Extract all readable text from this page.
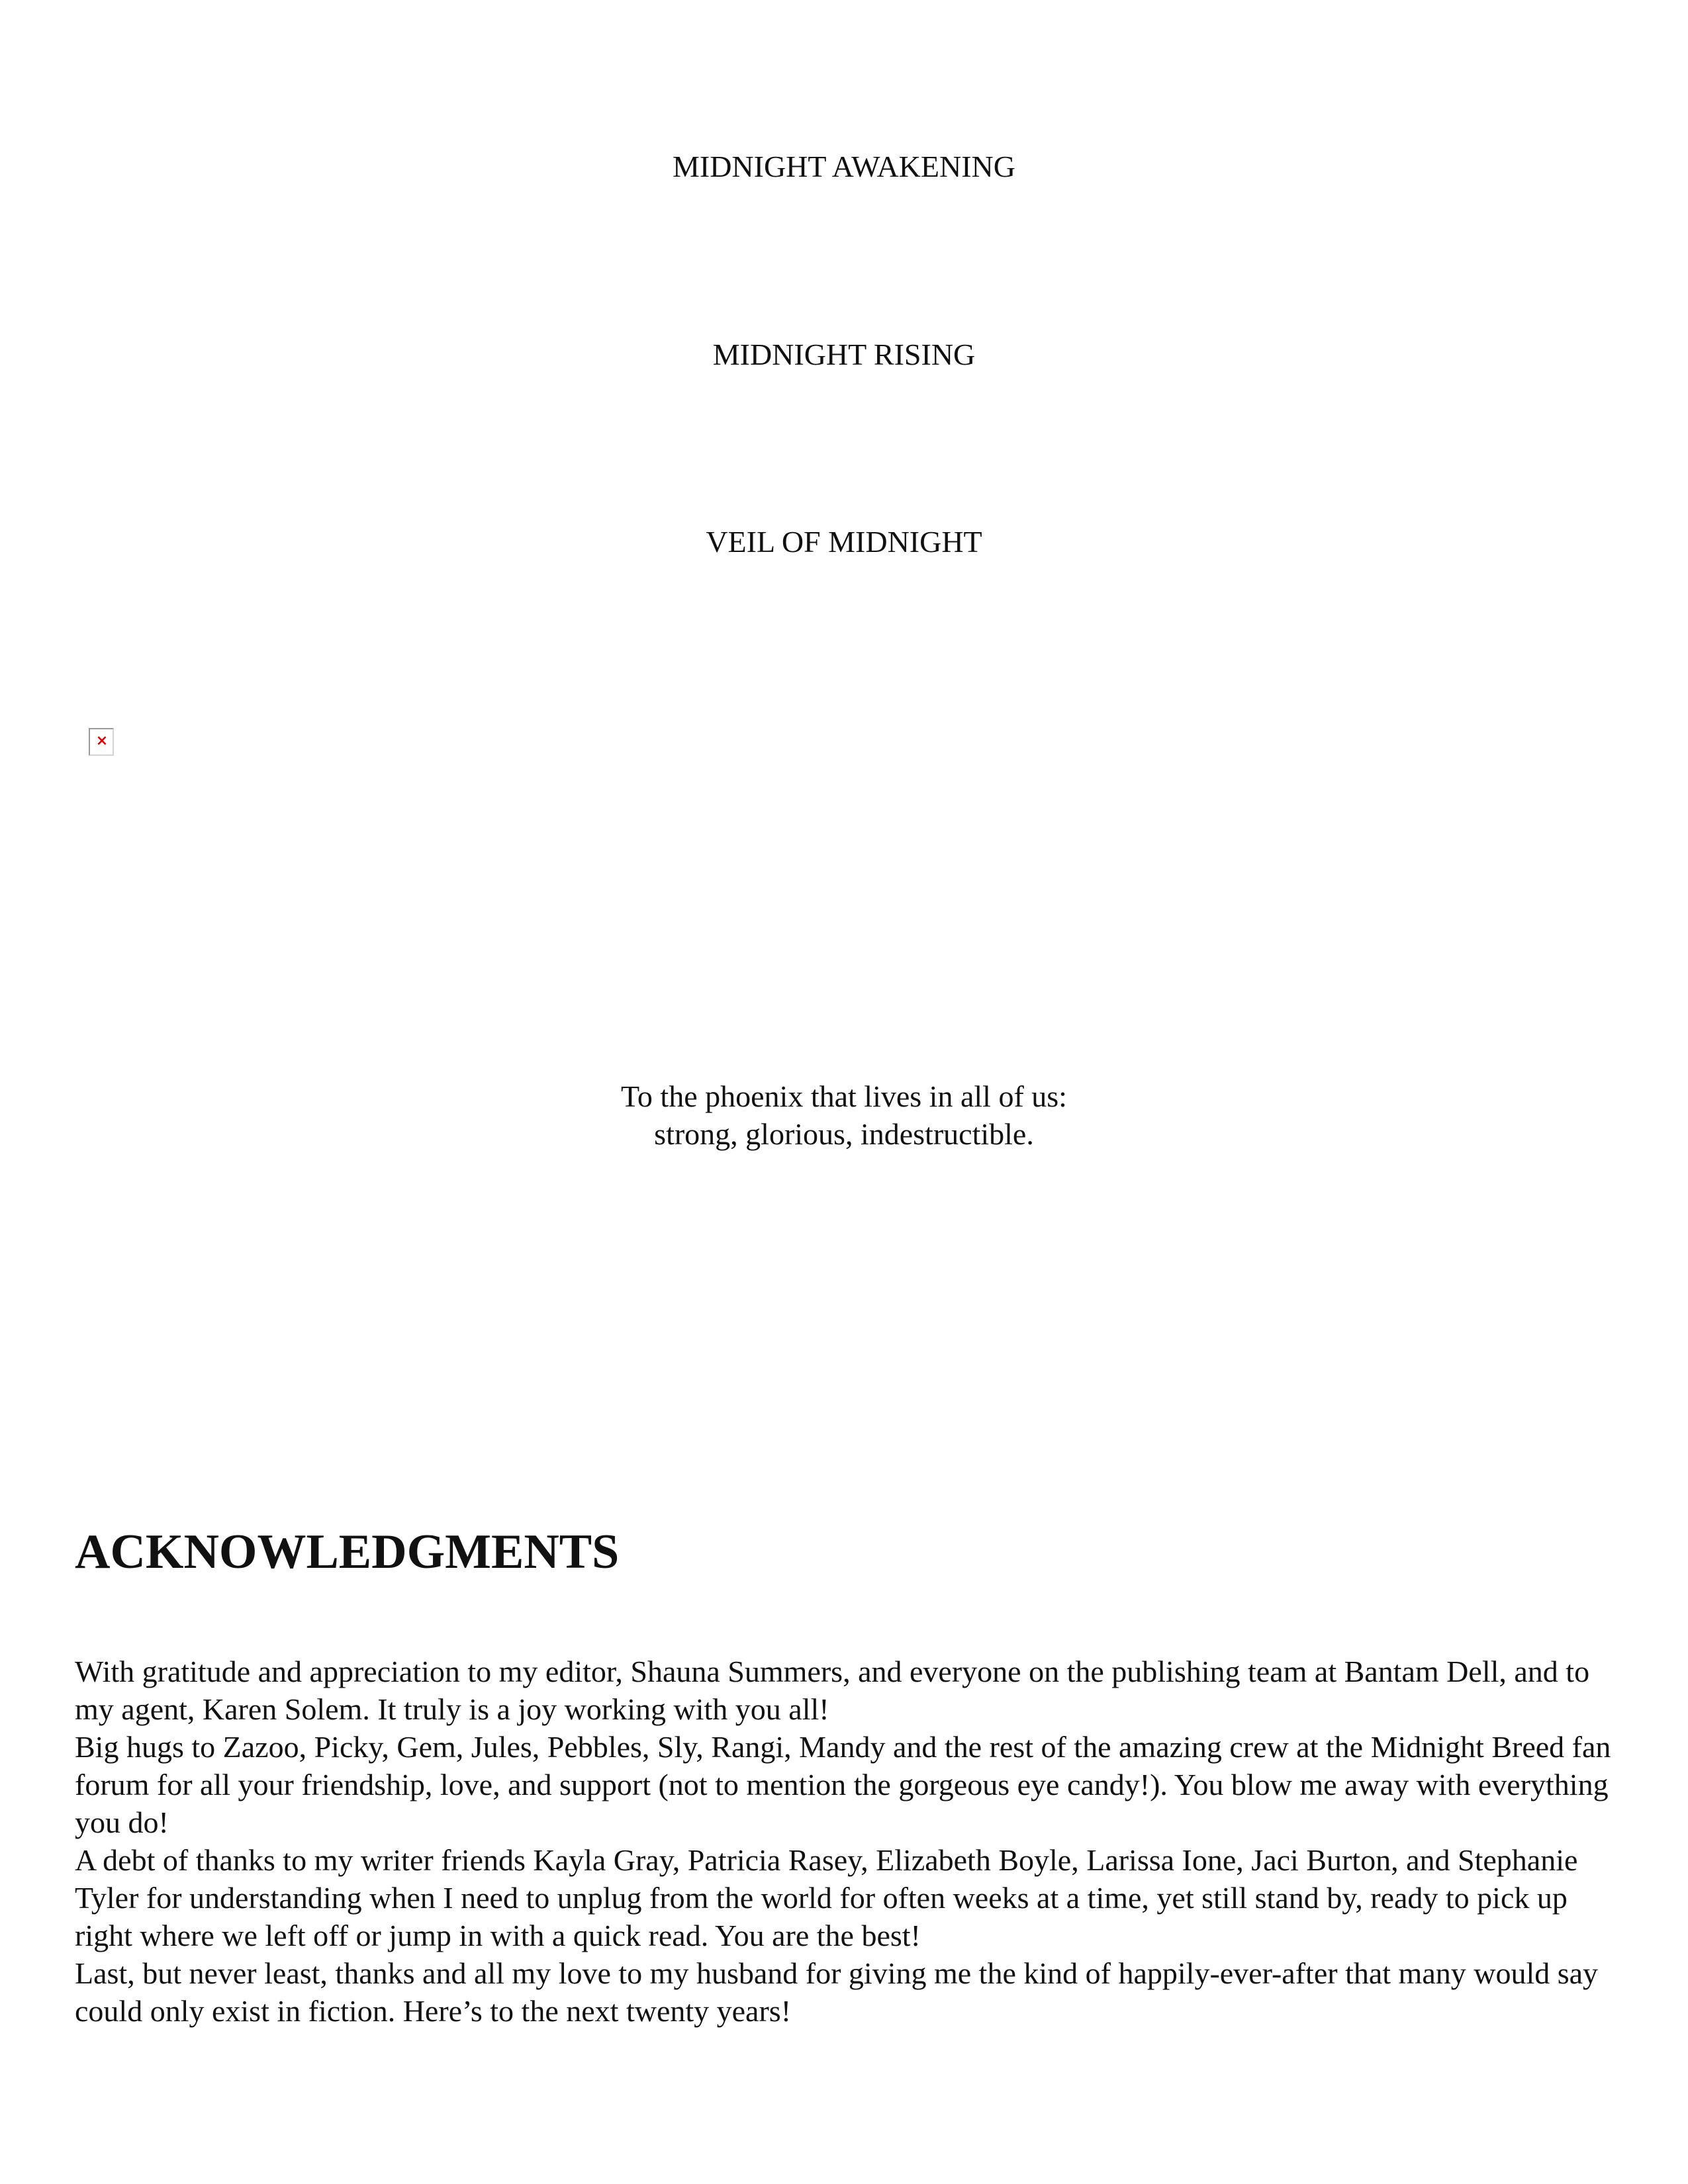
MIDNIGHT AWAKENING
MIDNIGHT RISING
VEIL OF MIDNIGHT
×
To the phoenix that lives in all of us:
strong, glorious, indestructible.
ACKNOWLEDGMENTS

With gratitude and appreciation to my editor, Shauna Summers, and everyone on the publishing team at Bantam Dell, and to my agent, Karen Solem. It truly is a joy working with you all!

Big hugs to Zazoo, Picky, Gem, Jules, Pebbles, Sly, Rangi, Mandy and the rest of the amazing crew at the Midnight Breed fan forum for all your friendship, love, and support (not to mention the gorgeous eye candy!). You blow me away with everything you do!

A debt of thanks to my writer friends Kayla Gray, Patricia Rasey, Elizabeth Boyle, Larissa Ione, Jaci Burton, and Stephanie Tyler for understanding when I need to unplug from the world for often weeks at a time, yet still stand by, ready to pick up right where we left off or jump in with a quick read. You are the best!

Last, but never least, thanks and all my love to my husband for giving me the kind of happily-ever-after that many would say could only exist in fiction. Here’s to the next twenty years!
